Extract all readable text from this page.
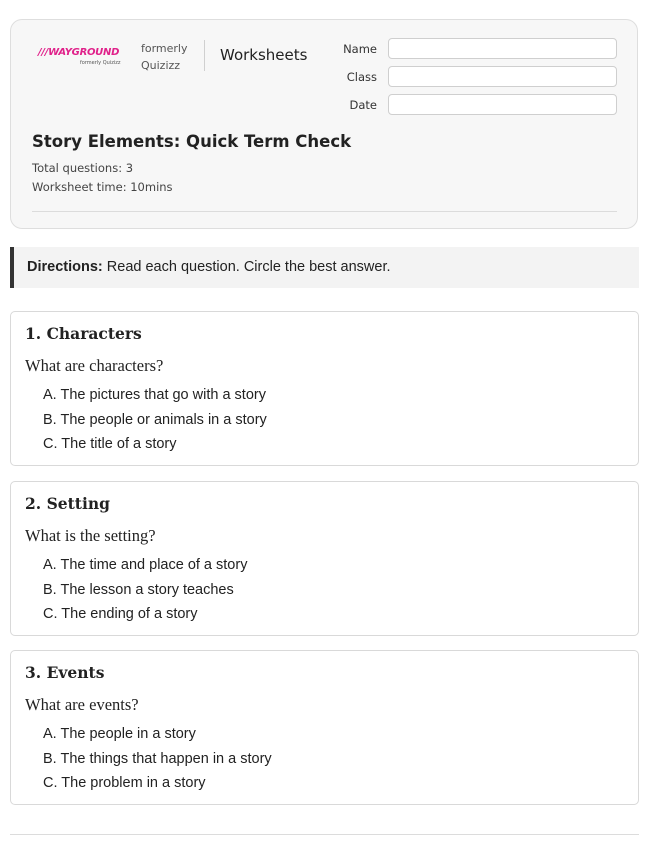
///WAYGROUND
formerly Quizizz
formerly
Quizizz
Worksheets	Name
Class
Date
Story Elements: Quick Term Check
Total questions: 3
Worksheet time: 10mins
Directions: Read each question. Circle the best answer.
1. Characters
What are characters?
A. The pictures that go with a story
B. The people or animals in a story
C. The title of a story
2. Setting
What is the setting?
A. The time and place of a story
B. The lesson a story teaches
C. The ending of a story
3. Events
What are events?
A. The people in a story
B. The things that happen in a story
C. The problem in a story
